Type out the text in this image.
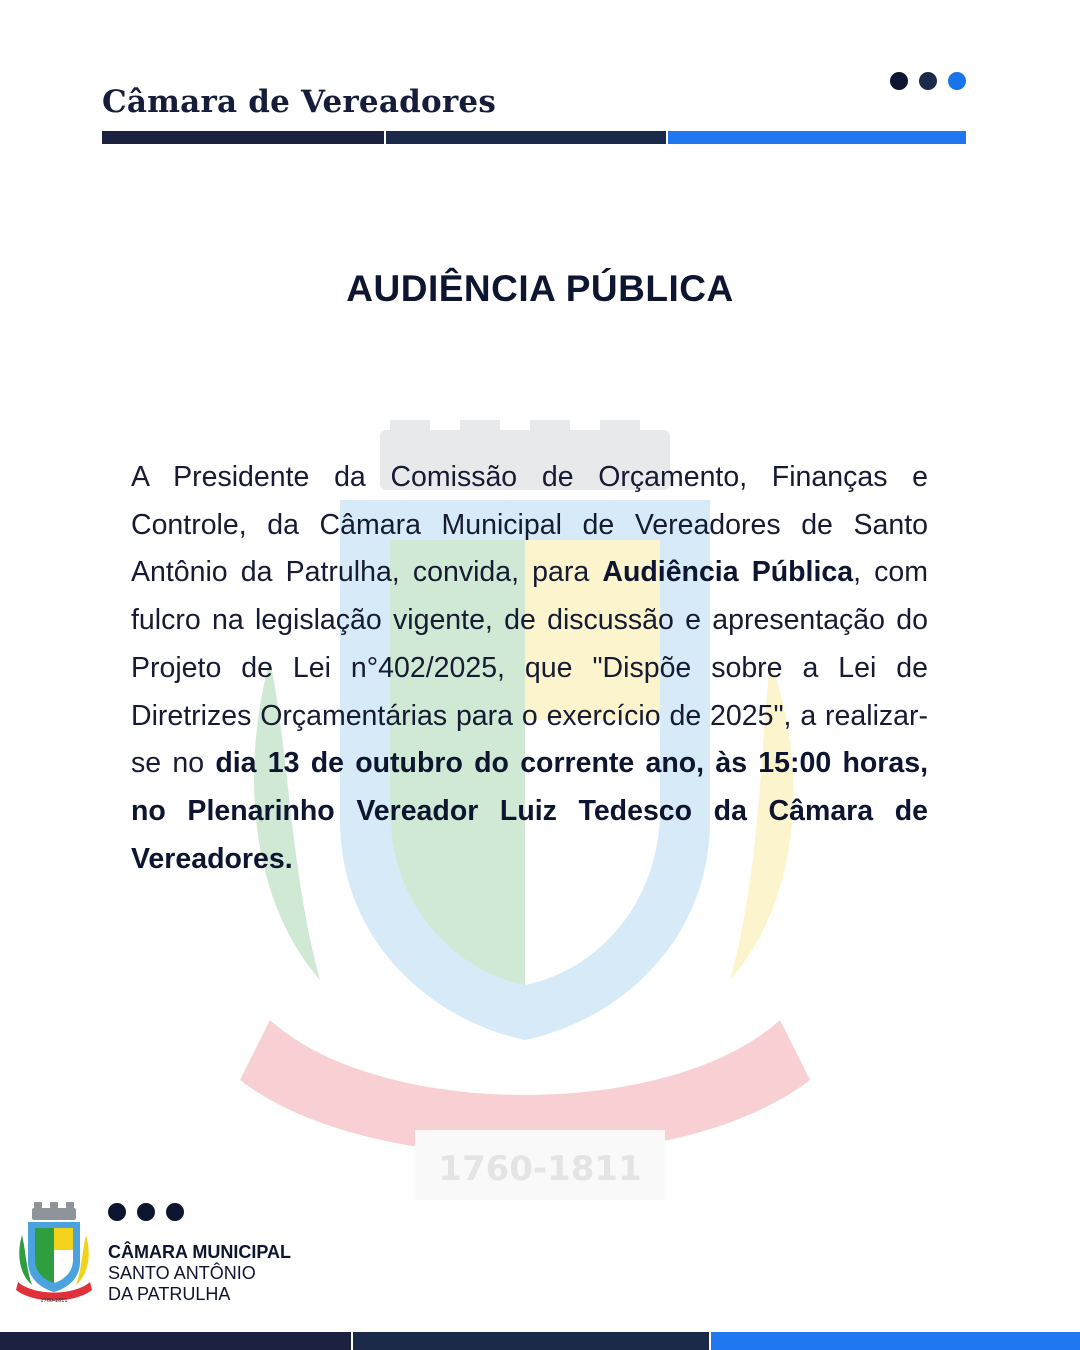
Câmara de Vereadores
1760-1811
AUDIÊNCIA PÚBLICA
A Presidente da Comissão de Orçamento, Finanças e Controle, da Câmara Municipal de Vereadores de Santo Antônio da Patrulha, convida, para Audiência Pública, com fulcro na legislação vigente, de discussão e apresentação do Projeto de Lei n°402/2025, que "Dispõe sobre a Lei de Diretrizes Orçamentárias para o exercício de 2025", a realizar-se no dia 13 de outubro do corrente ano, às 15:00 horas, no Plenarinho Vereador Luiz Tedesco da Câmara de Vereadores.
1760-1811
CÂMARA MUNICIPAL
SANTO ANTÔNIO
DA PATRULHA
